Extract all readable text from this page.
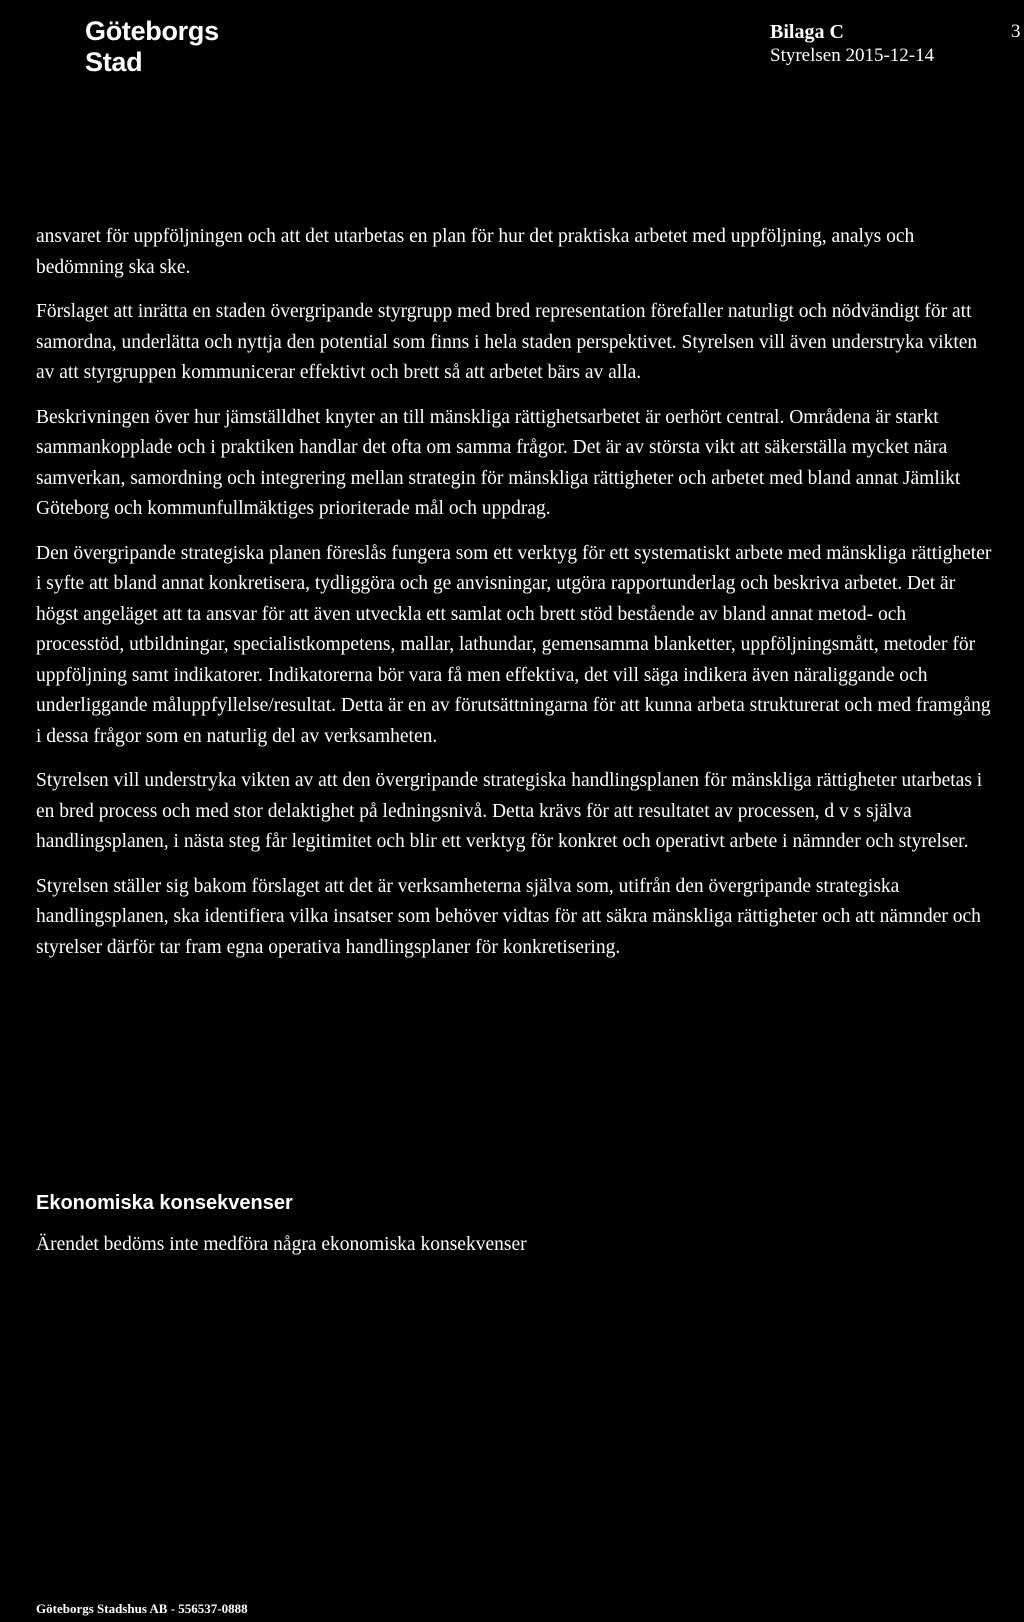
Göteborgs
Stad
Bilaga C
Styrelsen 2015-12-14
3

ansvaret för uppföljningen och att det utarbetas en plan för hur det praktiska arbetet med uppföljning, analys och bedömning ska ske.

Förslaget att inrätta en staden övergripande styrgrupp med bred representation förefaller naturligt och nödvändigt för att samordna, underlätta och nyttja den potential som finns i hela staden perspektivet. Styrelsen vill även understryka vikten av att styrgruppen kommunicerar effektivt och brett så att arbetet bärs av alla.

Beskrivningen över hur jämställdhet knyter an till mänskliga rättighetsarbetet är oerhört central. Områdena är starkt sammankopplade och i praktiken handlar det ofta om samma frågor. Det är av största vikt att säkerställa mycket nära samverkan, samordning och integrering mellan strategin för mänskliga rättigheter och arbetet med bland annat Jämlikt Göteborg och kommunfullmäktiges prioriterade mål och uppdrag.

Den övergripande strategiska planen föreslås fungera som ett verktyg för ett systematiskt arbete med mänskliga rättigheter i syfte att bland annat konkretisera, tydliggöra och ge anvisningar, utgöra rapportunderlag och beskriva arbetet. Det är högst angeläget att ta ansvar för att även utveckla ett samlat och brett stöd bestående av bland annat metod- och processtöd, utbildningar, specialistkompetens, mallar, lathundar, gemensamma blanketter, uppföljningsmått, metoder för uppföljning samt indikatorer. Indikatorerna bör vara få men effektiva, det vill säga indikera även näraliggande och underliggande måluppfyllelse/resultat. Detta är en av förutsättningarna för att kunna arbeta strukturerat och med framgång i dessa frågor som en naturlig del av verksamheten.

Styrelsen vill understryka vikten av att den övergripande strategiska handlingsplanen för mänskliga rättigheter utarbetas i en bred process och med stor delaktighet på ledningsnivå. Detta krävs för att resultatet av processen, d v s själva handlingsplanen, i nästa steg får legitimitet och blir ett verktyg för konkret och operativt arbete i nämnder och styrelser.

Styrelsen ställer sig bakom förslaget att det är verksamheterna själva som, utifrån den övergripande strategiska handlingsplanen, ska identifiera vilka insatser som behöver vidtas för att säkra mänskliga rättigheter och att nämnder och styrelser därför tar fram egna operativa handlingsplaner för konkretisering.

Ekonomiska konsekvenser

Ärendet bedöms inte medföra några ekonomiska konsekvenser

Göteborgs Stadshus AB - 556537-0888
